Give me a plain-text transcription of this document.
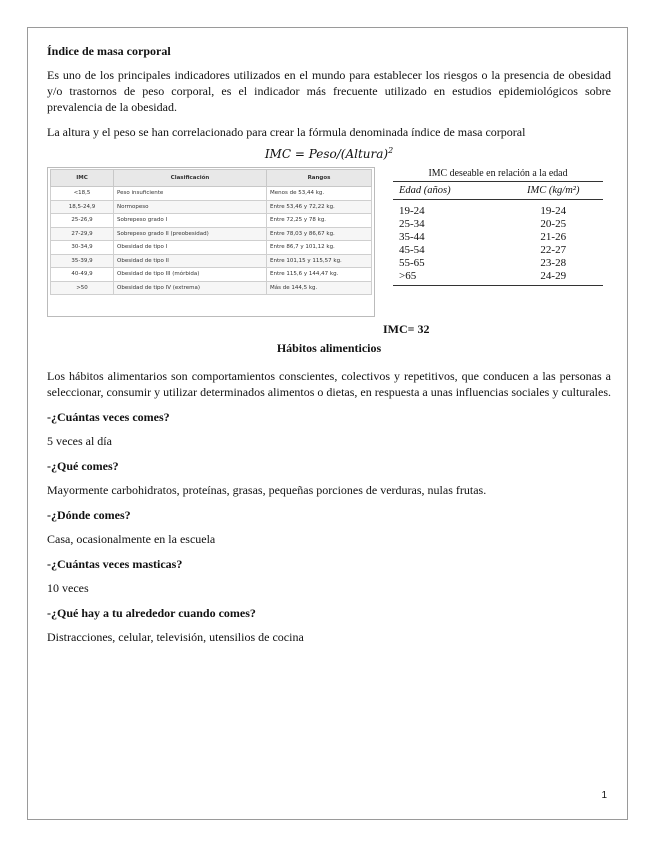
Índice de masa corporal

Es uno de los principales indicadores utilizados en el mundo para establecer los riesgos o la presencia de obesidad y/o trastornos de peso corporal, es el indicador más frecuente utilizado en estudios epidemiológicos sobre prevalencia de la obesidad.

La altura y el peso se han correlacionado para crear la fórmula denominada índice de masa corporal

IMC = Peso/(Altura)$^2$
IMC	Clasificación	Rangos
<18,5	Peso insuficiente	Menos de 53,44 kg.
18,5-24,9	Normopeso	Entre 53,46 y 72,22 kg.
25-26,9	Sobrepeso grado I	Entre 72,25 y 78 kg.
27-29,9	Sobrepeso grado II (preobesidad)	Entre 78,03 y 86,67 kg.
30-34,9	Obesidad de tipo I	Entre 86,7 y 101,12 kg.
35-39,9	Obesidad de tipo II	Entre 101,15 y 115,57 kg.
40-49,9	Obesidad de tipo III (mórbida)	Entre 115,6 y 144,47 kg.
>50	Obesidad de tipo IV (extrema)	Más de 144,5 kg.
IMC deseable en relación a la edad
Edad (años)	IMC (kg/m²)
19-24	19-24
25-34	20-25
35-44	21-26
45-54	22-27
55-65	23-28
>65	24-29
IMC= 32
Hábitos alimenticios

Los hábitos alimentarios son comportamientos conscientes, colectivos y repetitivos, que conducen a las personas a seleccionar, consumir y utilizar determinados alimentos o dietas, en respuesta a unas influencias sociales y culturales.

-¿Cuántas veces comes?

5 veces al día

-¿Qué comes?

Mayormente carbohidratos, proteínas, grasas, pequeñas porciones de verduras, nulas frutas.

-¿Dónde comes?

Casa, ocasionalmente en la escuela

-¿Cuántas veces masticas?

10 veces

-¿Qué hay a tu alrededor cuando comes?

Distracciones, celular, televisión, utensilios de cocina

1
